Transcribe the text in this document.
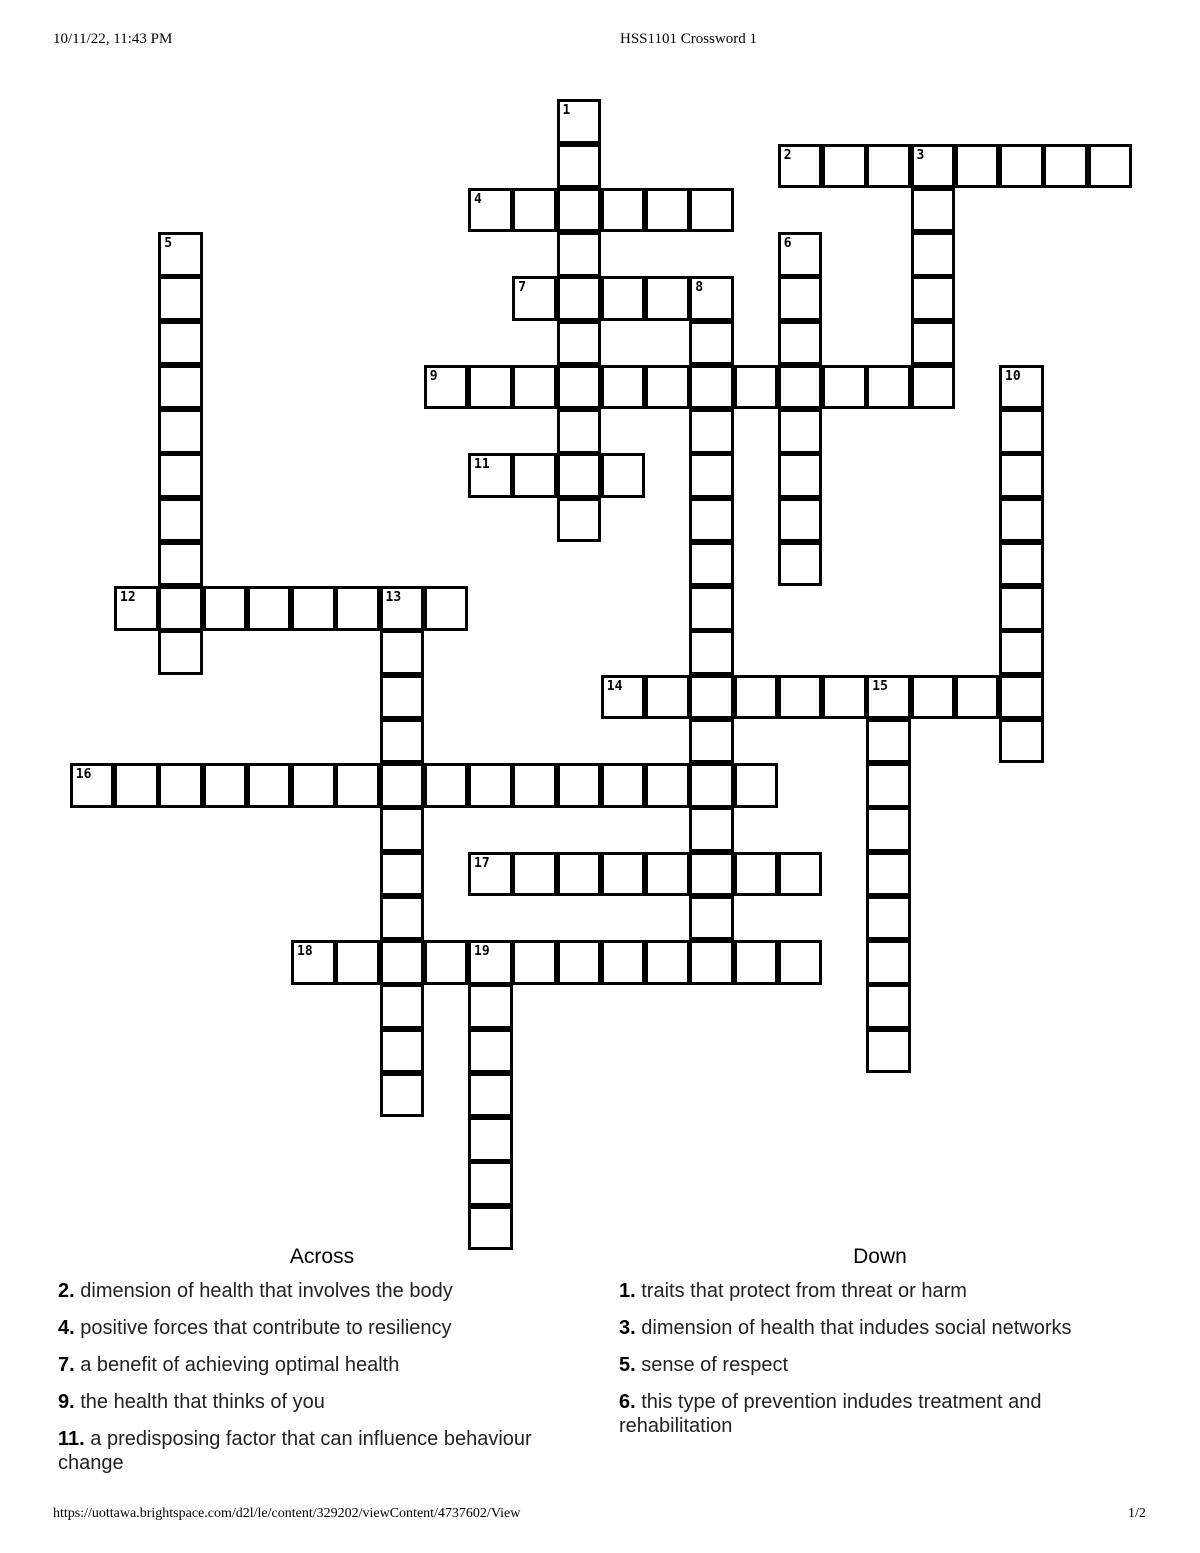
10/11/22, 11:43 PM	HSS1101 Crossword 1
1
2	3
4
5	6
7	8
9	10
11
12	13
14	15
16
17
18	19
Across
2. dimension of health that involves the body
4. positive forces that contribute to resiliency
7. a benefit of achieving optimal health
9. the health that thinks of you
11. a predisposing factor that can influence behaviour change
Down
1. traits that protect from threat or harm
3. dimension of health that indudes social networks
5. sense of respect
6. this type of prevention indudes treatment and rehabilitation
https://uottawa.brightspace.com/d2l/le/content/329202/viewContent/4737602/View	1/2
